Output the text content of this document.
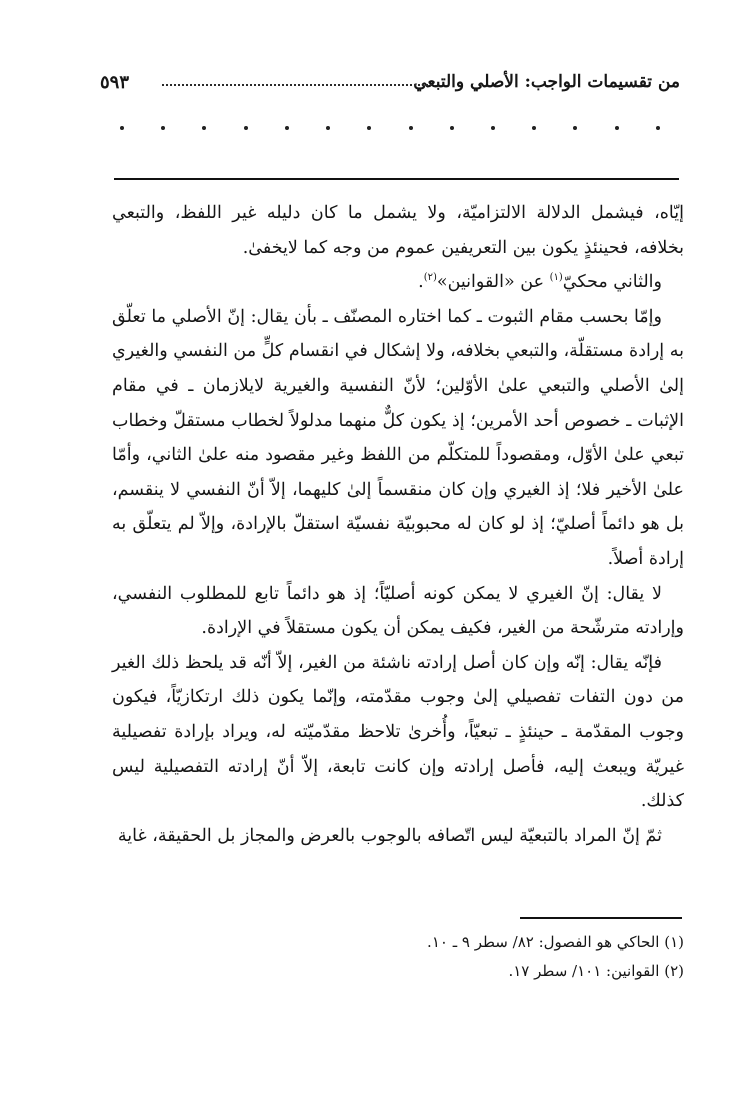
من تقسيمات الواجب: الأصلي والتبعي
٥٩٣

إيّاه، فيشمل الدلالة الالتزاميّة، ولا يشمل ما كان دليله غير اللفظ، والتبعي بخلافه، فحينئذٍ يكون بين التعريفين عموم من وجه كما لايخفىٰ.

والثاني محكيّ$^{(١)}$ عن «القوانين»$^{(٢)}$.

وإمّا بحسب مقام الثبوت ـ كما اختاره المصنّف ـ بأن يقال: إنّ الأصلي ما تعلّق به إرادة مستقلّة، والتبعي بخلافه، ولا إشكال في انقسام كلٍّ من النفسي والغيري إلىٰ الأصلي والتبعي علىٰ الأوّلين؛ لأنّ النفسية والغيرية لايلازمان ـ في مقام الإثبات ـ خصوص أحد الأمرين؛ إذ يكون كلٌّ منهما مدلولاً لخطاب مستقلّ وخطاب تبعي علىٰ الأوّل، ومقصوداً للمتكلّم من اللفظ وغير مقصود منه علىٰ الثاني، وأمّا علىٰ الأخير فلا؛ إذ الغيري وإن كان منقسماً إلىٰ كليهما، إلاّ أنّ النفسي لا ينقسم، بل هو دائماً أصليّ؛ إذ لو كان له محبوبيّة نفسيّة استقلّ بالإرادة، وإلاّ لم يتعلّق به إرادة أصلاً.

لا يقال: إنّ الغيري لا يمكن كونه أصليّاً؛ إذ هو دائماً تابع للمطلوب النفسي، وإرادته مترشّحة من الغير، فكيف يمكن أن يكون مستقلاً في الإرادة.

فإنّه يقال: إنّه وإن كان أصل إرادته ناشئة من الغير، إلاّ أنّه قد يلحظ ذلك الغير من دون التفات تفصيلي إلىٰ وجوب مقدّمته، وإنّما يكون ذلك ارتكازيّاً، فيكون وجوب المقدّمة ـ حينئذٍ ـ تبعيّاً، وأُخرىٰ تلاحظ مقدّميّته له، ويراد بإرادة تفصيلية غيريّة ويبعث إليه، فأصل إرادته وإن كانت تابعة، إلاّ أنّ إرادته التفصيلية ليس كذلك.

ثمّ إنّ المراد بالتبعيّة ليس اتّصافه بالوجوب بالعرض والمجاز بل الحقيقة، غاية

(١) الحاكي هو الفصول: ٨٢/ سطر ٩ ـ ١٠.
(٢) القوانين: ١٠١/ سطر ١٧.
